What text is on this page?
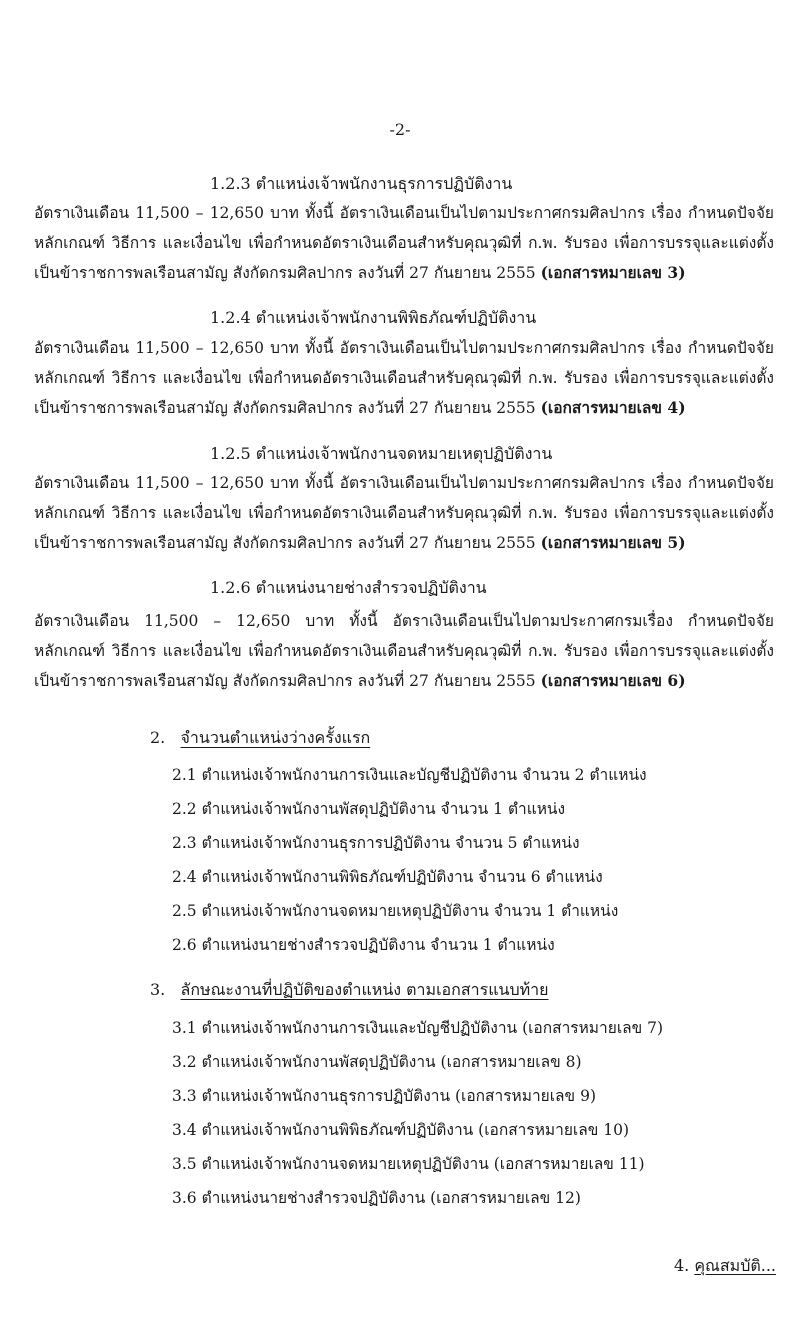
-2-
1.2.3 ตำแหน่งเจ้าพนักงานธุรการปฏิบัติงาน
อัตราเงินเดือน 11,500 – 12,650 บาท ทั้งนี้ อัตราเงินเดือนเป็นไปตามประกาศกรมศิลปากร เรื่อง กำหนดปัจจัย
หลักเกณฑ์ วิธีการ และเงื่อนไข เพื่อกำหนดอัตราเงินเดือนสำหรับคุณวุฒิที่ ก.พ. รับรอง เพื่อการบรรจุและแต่งตั้ง
เป็นข้าราชการพลเรือนสามัญ สังกัดกรมศิลปากร ลงวันที่ 27 กันยายน 2555 (เอกสารหมายเลข 3)
1.2.4 ตำแหน่งเจ้าพนักงานพิพิธภัณฑ์ปฏิบัติงาน
อัตราเงินเดือน 11,500 – 12,650 บาท ทั้งนี้ อัตราเงินเดือนเป็นไปตามประกาศกรมศิลปากร เรื่อง กำหนดปัจจัย
หลักเกณฑ์ วิธีการ และเงื่อนไข เพื่อกำหนดอัตราเงินเดือนสำหรับคุณวุฒิที่ ก.พ. รับรอง เพื่อการบรรจุและแต่งตั้ง
เป็นข้าราชการพลเรือนสามัญ สังกัดกรมศิลปากร ลงวันที่ 27 กันยายน 2555 (เอกสารหมายเลข 4)
1.2.5 ตำแหน่งเจ้าพนักงานจดหมายเหตุปฏิบัติงาน
อัตราเงินเดือน 11,500 – 12,650 บาท ทั้งนี้ อัตราเงินเดือนเป็นไปตามประกาศกรมศิลปากร เรื่อง กำหนดปัจจัย
หลักเกณฑ์ วิธีการ และเงื่อนไข เพื่อกำหนดอัตราเงินเดือนสำหรับคุณวุฒิที่ ก.พ. รับรอง เพื่อการบรรจุและแต่งตั้ง
เป็นข้าราชการพลเรือนสามัญ สังกัดกรมศิลปากร ลงวันที่ 27 กันยายน 2555 (เอกสารหมายเลข 5)
1.2.6 ตำแหน่งนายช่างสำรวจปฏิบัติงาน
อัตราเงินเดือน 11,500 – 12,650 บาท ทั้งนี้ อัตราเงินเดือนเป็นไปตามประกาศกรมเรื่อง กำหนดปัจจัย
หลักเกณฑ์ วิธีการ และเงื่อนไข เพื่อกำหนดอัตราเงินเดือนสำหรับคุณวุฒิที่ ก.พ. รับรอง เพื่อการบรรจุและแต่งตั้ง
เป็นข้าราชการพลเรือนสามัญ สังกัดกรมศิลปากร ลงวันที่ 27 กันยายน 2555 (เอกสารหมายเลข 6)
2. จำนวนตำแหน่งว่างครั้งแรก
2.1 ตำแหน่งเจ้าพนักงานการเงินและบัญชีปฏิบัติงาน จำนวน 2 ตำแหน่ง
2.2 ตำแหน่งเจ้าพนักงานพัสดุปฏิบัติงาน จำนวน 1 ตำแหน่ง
2.3 ตำแหน่งเจ้าพนักงานธุรการปฏิบัติงาน จำนวน 5 ตำแหน่ง
2.4 ตำแหน่งเจ้าพนักงานพิพิธภัณฑ์ปฏิบัติงาน จำนวน 6 ตำแหน่ง
2.5 ตำแหน่งเจ้าพนักงานจดหมายเหตุปฏิบัติงาน จำนวน 1 ตำแหน่ง
2.6 ตำแหน่งนายช่างสำรวจปฏิบัติงาน จำนวน 1 ตำแหน่ง
3. ลักษณะงานที่ปฏิบัติของตำแหน่ง ตามเอกสารแนบท้าย
3.1 ตำแหน่งเจ้าพนักงานการเงินและบัญชีปฏิบัติงาน (เอกสารหมายเลข 7)
3.2 ตำแหน่งเจ้าพนักงานพัสดุปฏิบัติงาน (เอกสารหมายเลข 8)
3.3 ตำแหน่งเจ้าพนักงานธุรการปฏิบัติงาน (เอกสารหมายเลข 9)
3.4 ตำแหน่งเจ้าพนักงานพิพิธภัณฑ์ปฏิบัติงาน (เอกสารหมายเลข 10)
3.5 ตำแหน่งเจ้าพนักงานจดหมายเหตุปฏิบัติงาน (เอกสารหมายเลข 11)
3.6 ตำแหน่งนายช่างสำรวจปฏิบัติงาน (เอกสารหมายเลข 12)
4. คุณสมบัติ...
